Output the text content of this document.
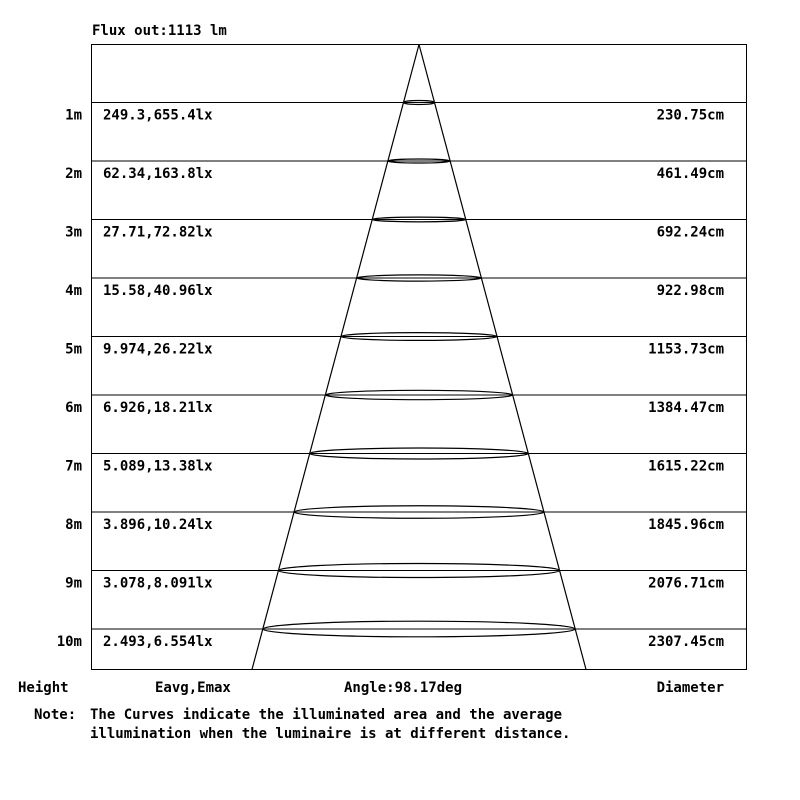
Flux out:1113 lm
1m 249.3,655.4lx	230.75cm
2m 62.34,163.8lx	461.49cm
3m 27.71,72.82lx	692.24cm
4m 15.58,40.96lx	922.98cm
5m 9.974,26.22lx	1153.73cm
6m 6.926,18.21lx	1384.47cm
7m 5.089,13.38lx	1615.22cm
8m 3.896,10.24lx	1845.96cm
9m 3.078,8.091lx	2076.71cm
10m 2.493,6.554lx	2307.45cm
Height	Eavg,Emax	Angle:98.17deg	Diameter
Note: The Curves indicate the illuminated area and the average
illumination when the luminaire is at different distance.
